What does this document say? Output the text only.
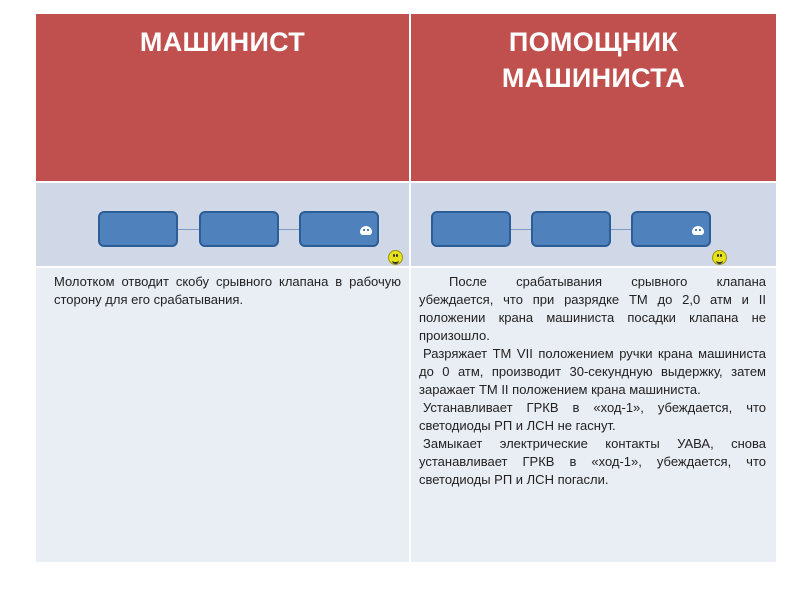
МАШИНИСТ	ПОМОЩНИК
МАШИНИСТА

Молотком отводит скобу срывного клапана в рабочую сторону для его срабатывания.

После срабатывания срывного клапана убеждается, что при разрядке ТМ до 2,0 атм и II положении крана машиниста посадки клапана не произошло.

Разряжает ТМ VII положением ручки крана машиниста до 0 атм, производит 30-секундную выдержку, затем заражает ТМ II положением крана машиниста.

Устанавливает ГРКВ в «ход-1», убеждается, что светодиоды РП и ЛСН не гаснут.

Замыкает электрические контакты УАВА, снова устанавливает ГРКВ в «ход-1», убеждается, что светодиоды РП и ЛСН погасли.
